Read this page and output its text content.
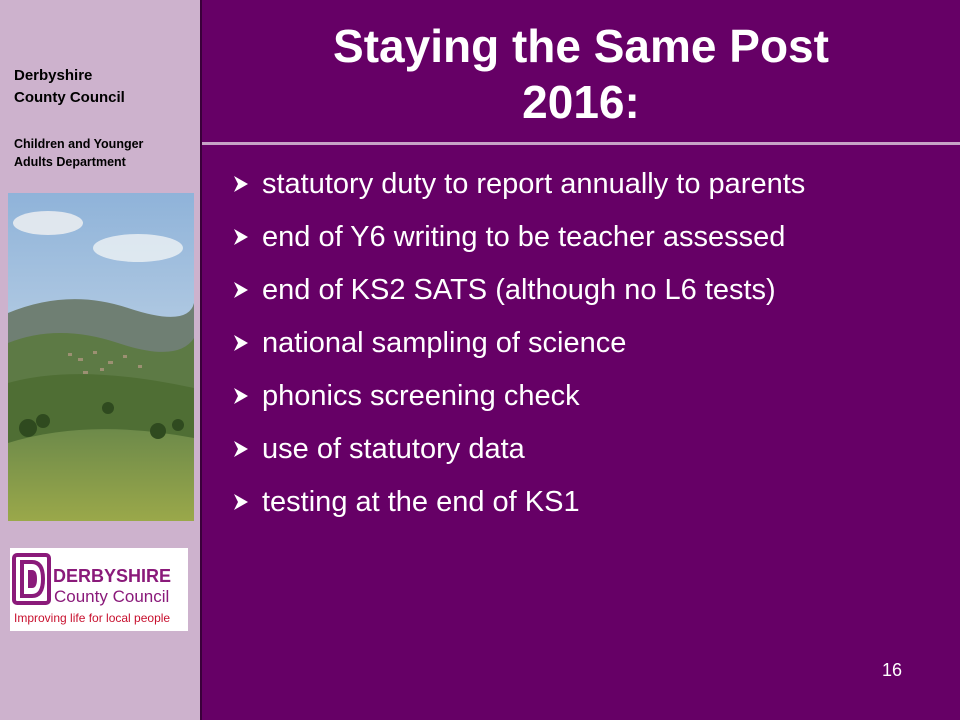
Derbyshire
County Council
Children and Younger
Adults Department
DERBYSHIRE
County Council
Improving life for local people
Staying the Same Post
2016:
statutory duty to report annually to parents
end of Y6 writing to be teacher assessed
end of KS2 SATS (although no L6 tests)
national sampling of science
phonics screening check
use of statutory data
testing at the end of KS1
16
